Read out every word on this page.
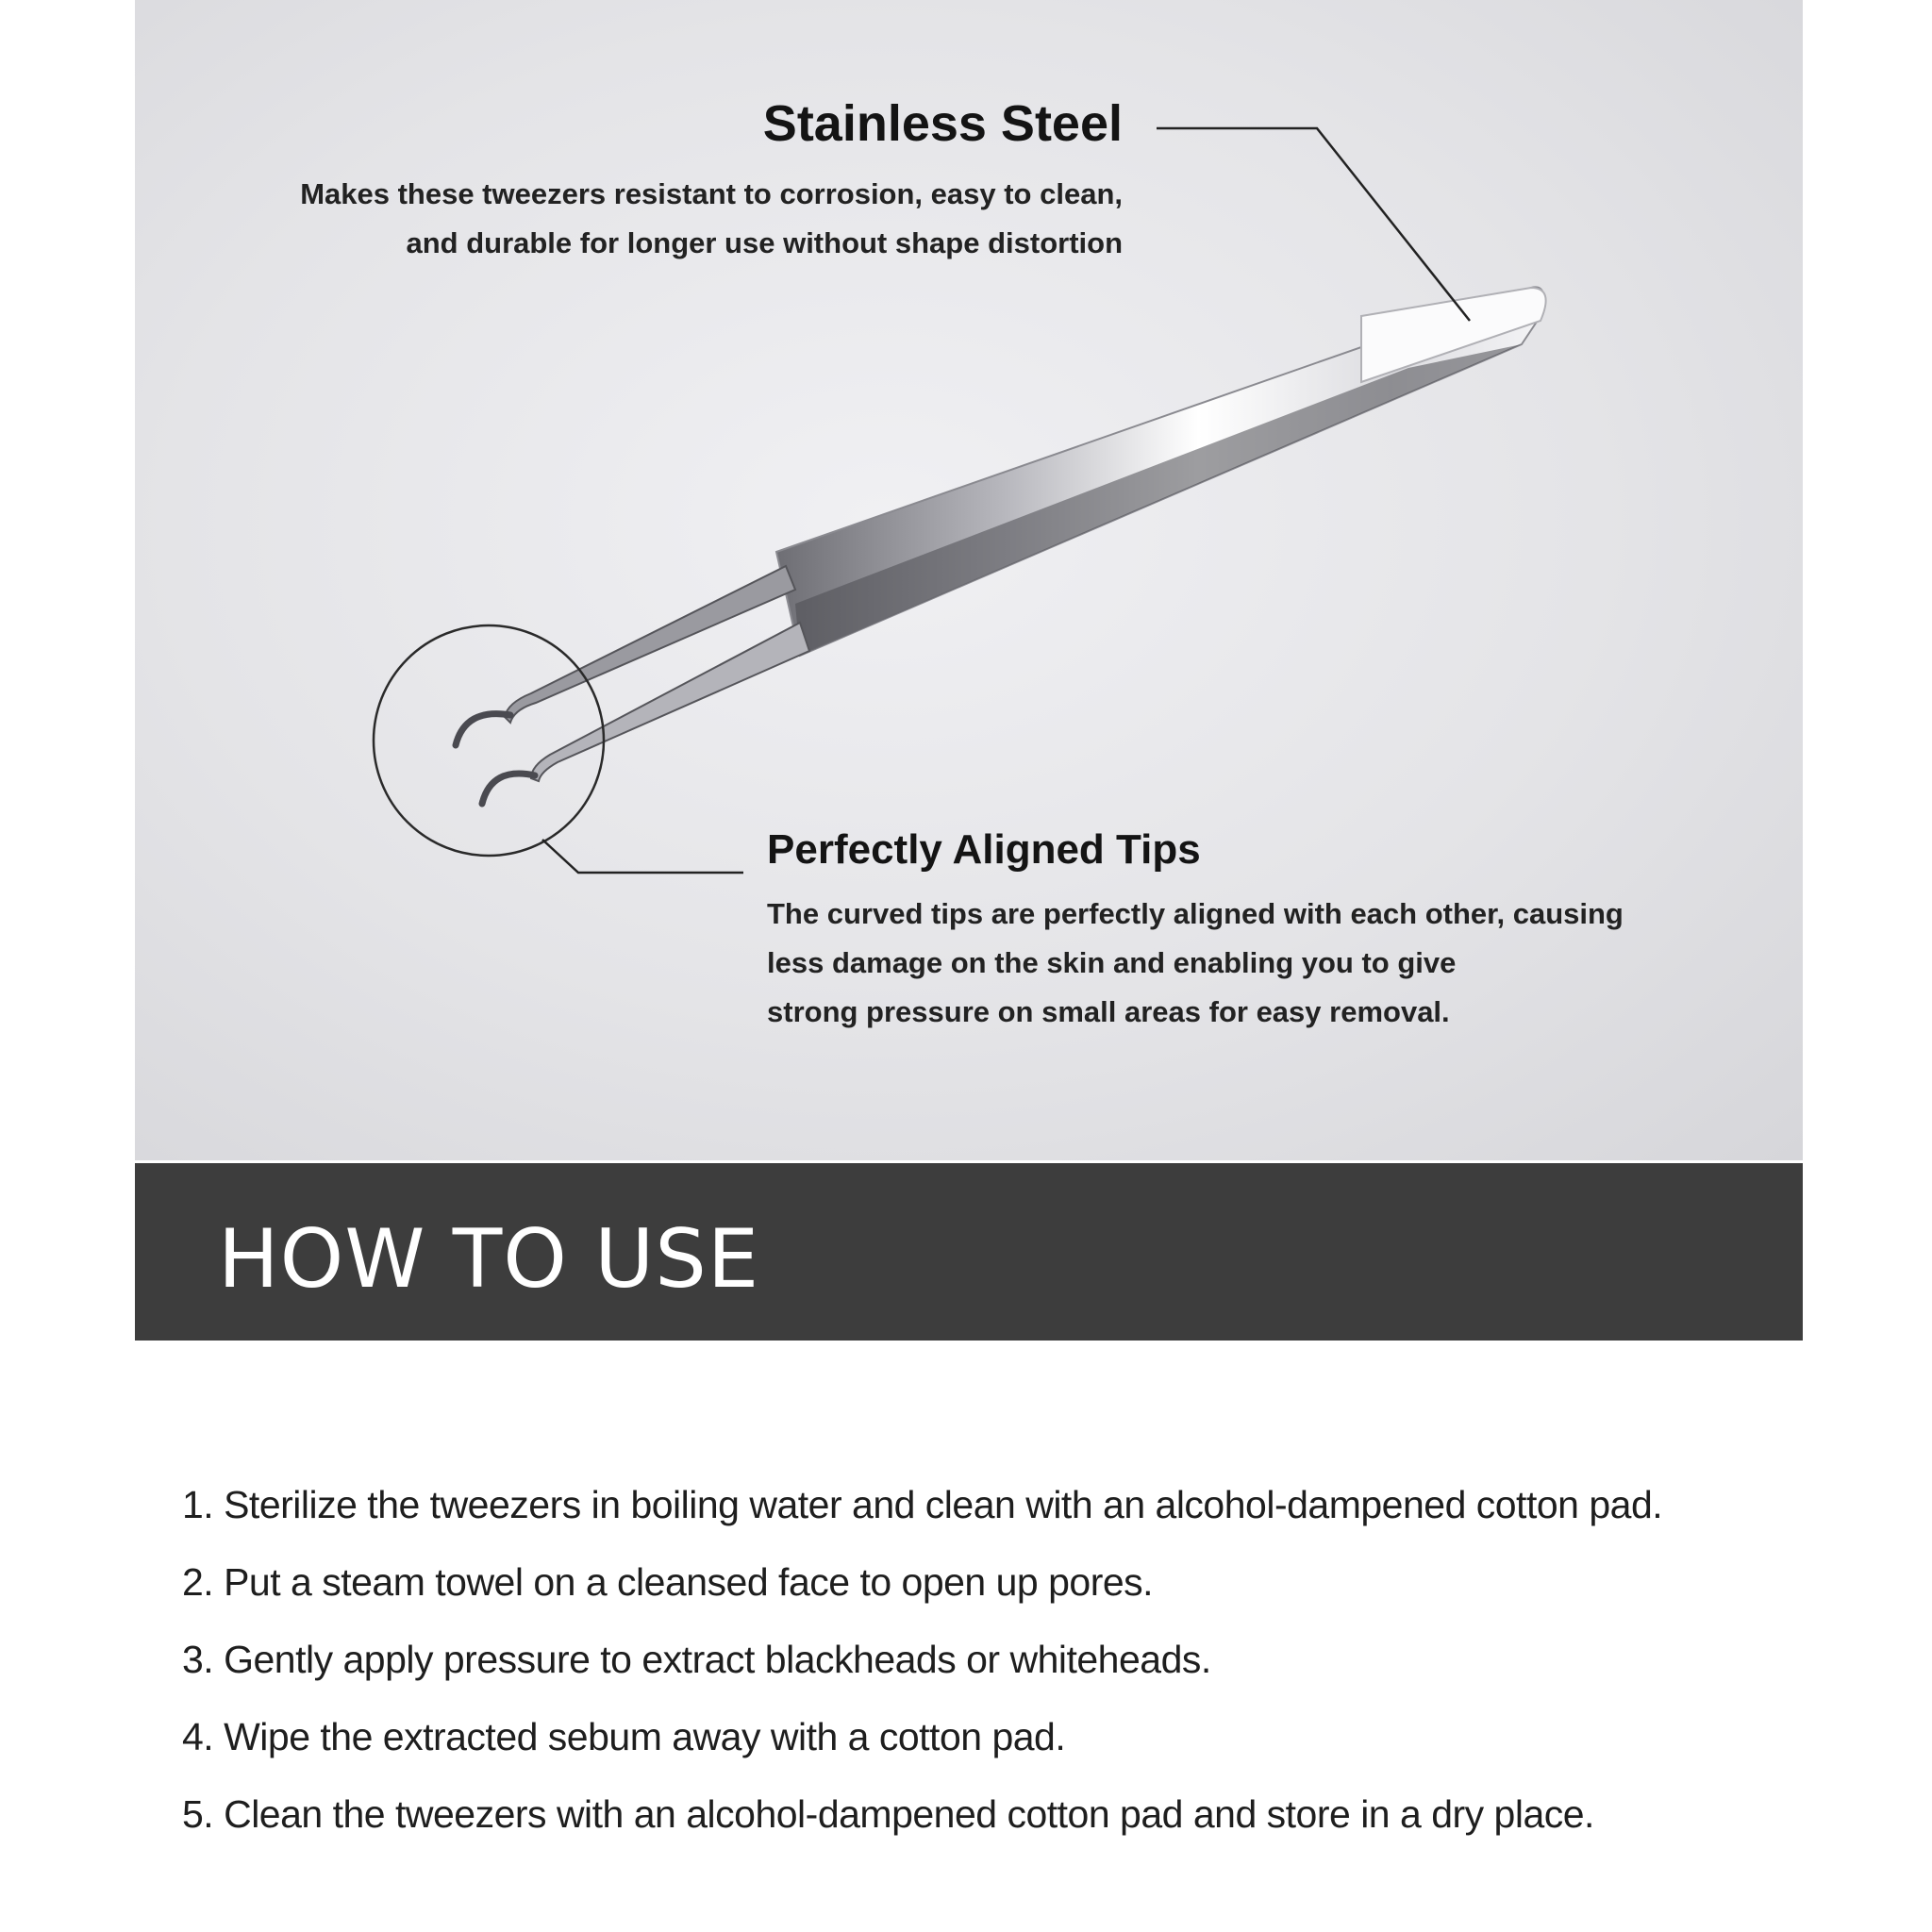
Stainless Steel
Makes these tweezers resistant to corrosion, easy to clean,
and durable for longer use without shape distortion
Perfectly Aligned Tips
The curved tips are perfectly aligned with each other, causing
less damage on the skin and enabling you to give
strong pressure on small areas for easy removal.
HOW TO USE
1. Sterilize the tweezers in boiling water and clean with an alcohol-dampened cotton pad.
2. Put a steam towel on a cleansed face to open up pores.
3. Gently apply pressure to extract blackheads or whiteheads.
4. Wipe the extracted sebum away with a cotton pad.
5. Clean the tweezers with an alcohol-dampened cotton pad and store in a dry place.
